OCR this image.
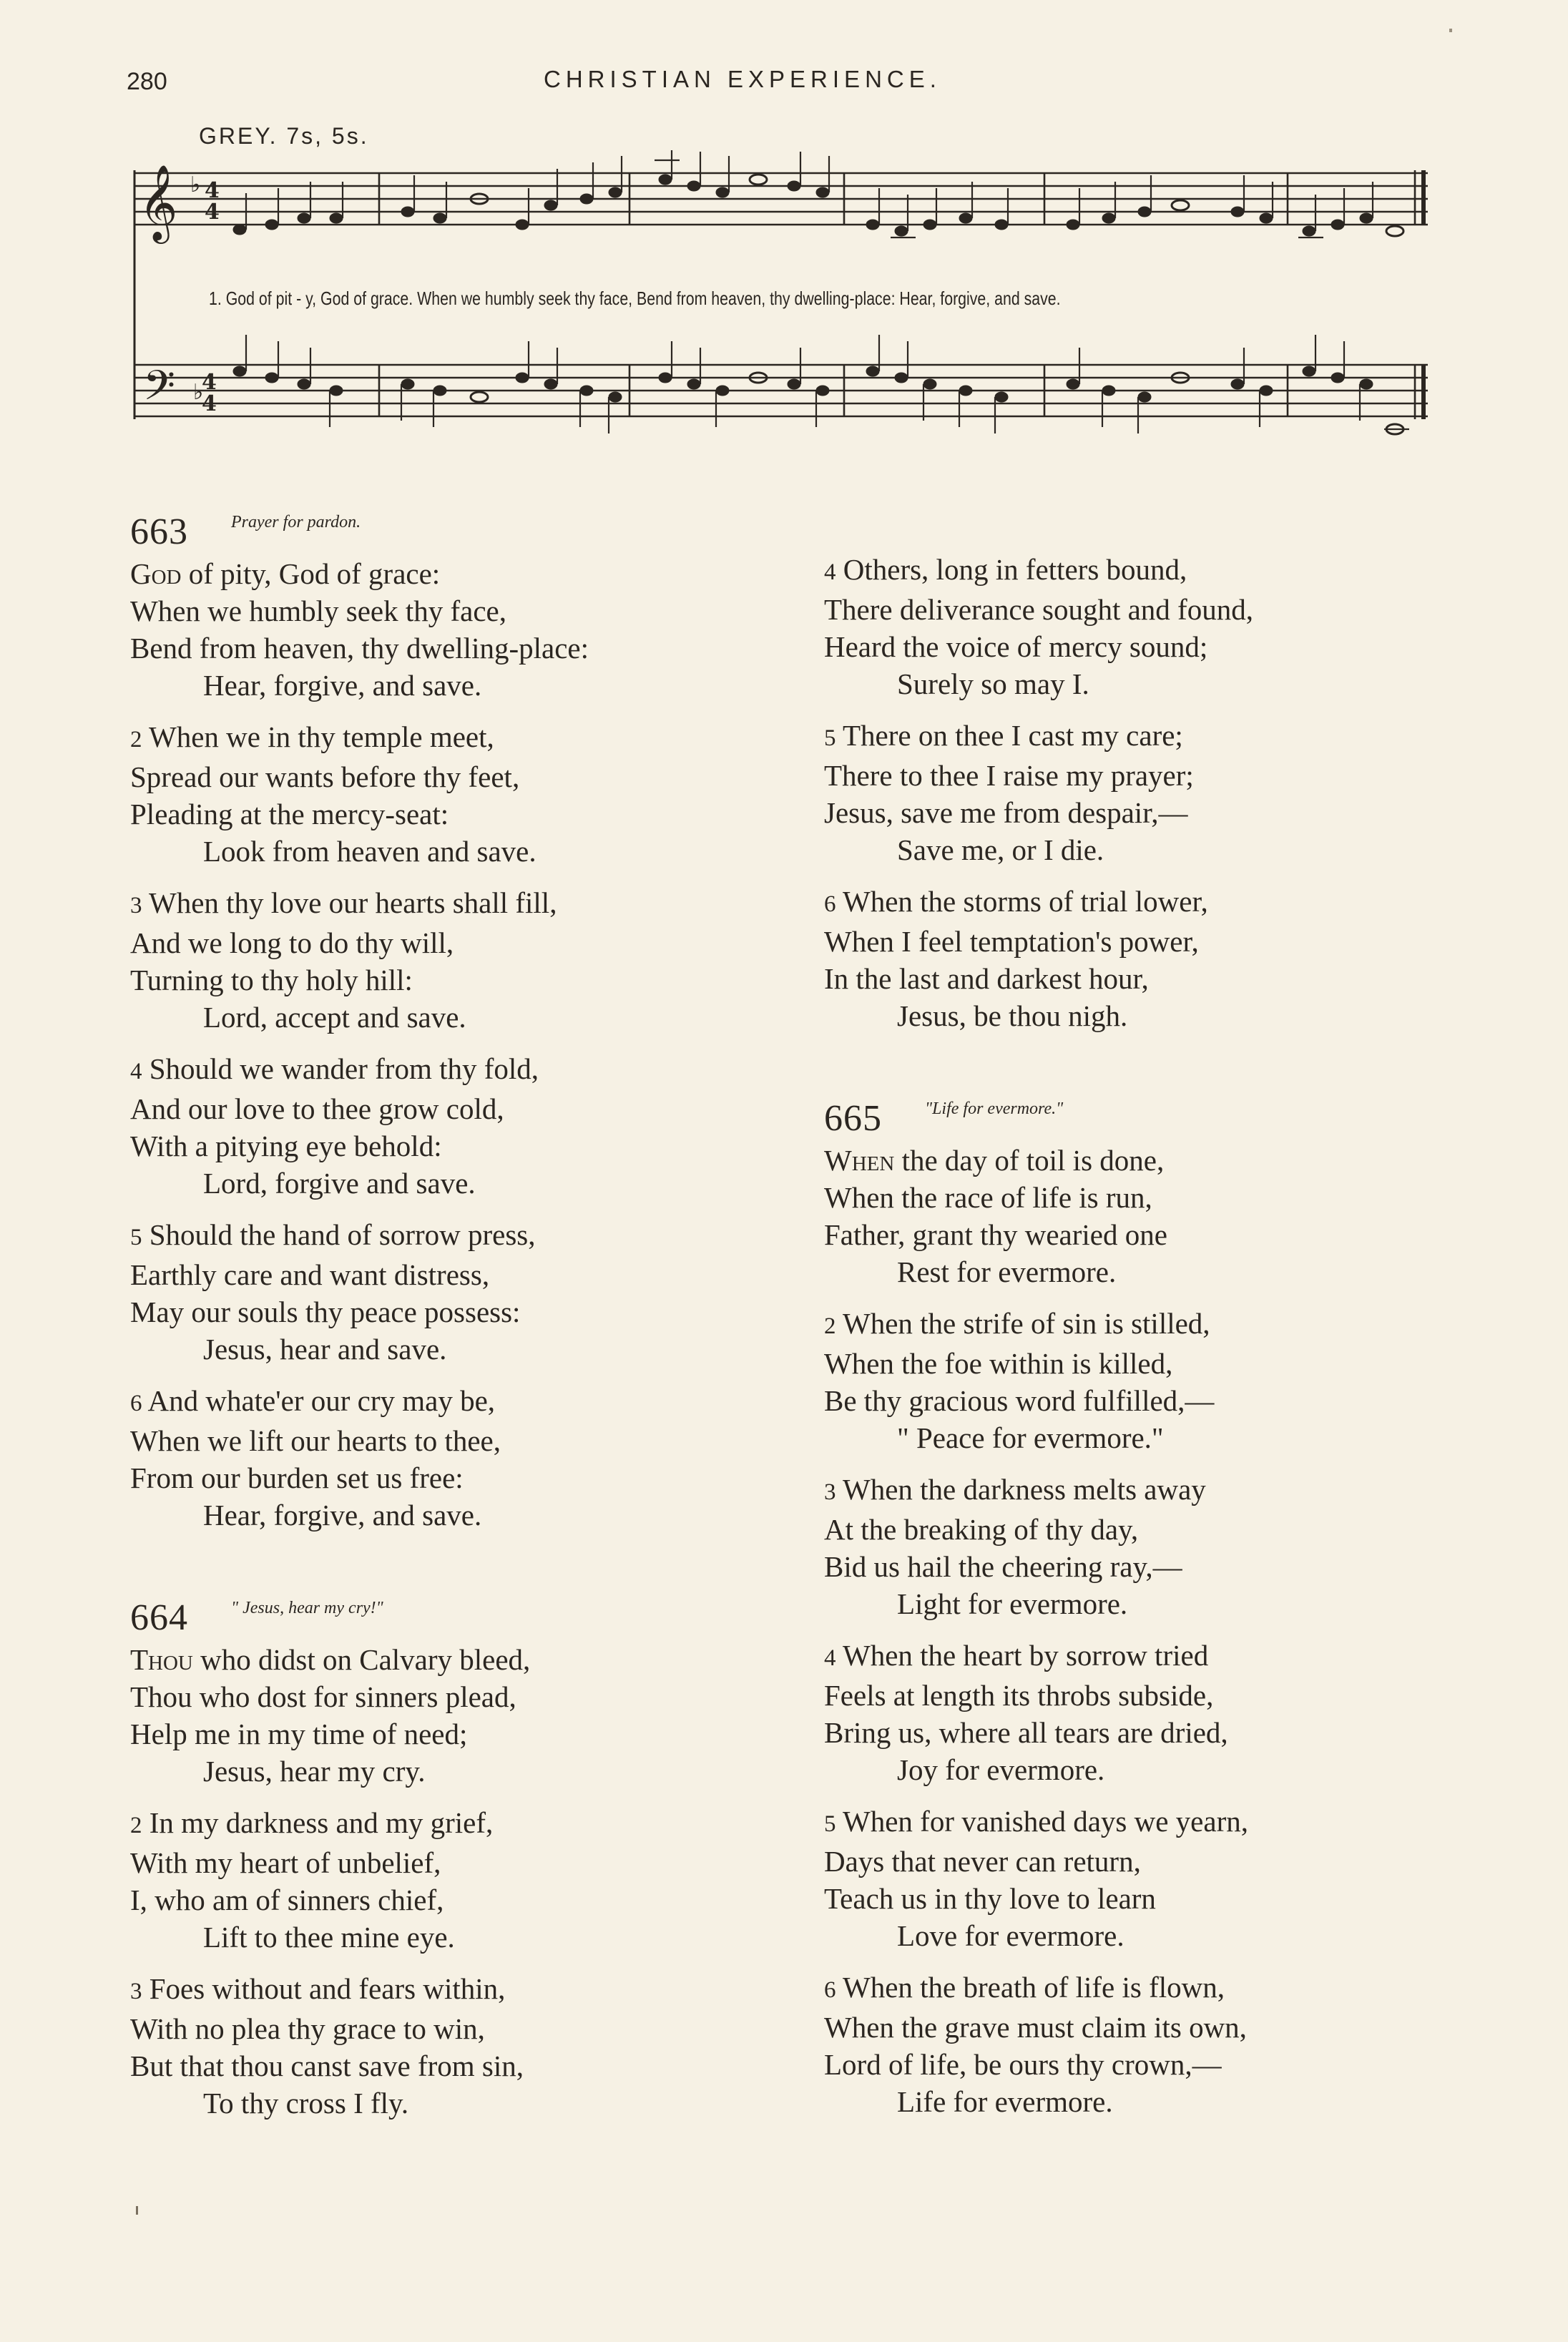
280	CHRISTIAN EXPERIENCE.
GREY. 7s, 5s.
𝄞
𝄢
4
4
4
4
♭
♭
1. God of pit - y, God of grace. When we humbly seek thy face, Bend from heaven, thy dwelling-place: Hear, forgive, and save.
663	Prayer for pardon.
God of pity, God of grace:
When we humbly seek thy face,
Bend from heaven, thy dwelling-place:
Hear, forgive, and save.
2 When we in thy temple meet,
Spread our wants before thy feet,
Pleading at the mercy-seat:
Look from heaven and save.
3 When thy love our hearts shall fill,
And we long to do thy will,
Turning to thy holy hill:
Lord, accept and save.
4 Should we wander from thy fold,
And our love to thee grow cold,
With a pitying eye behold:
Lord, forgive and save.
5 Should the hand of sorrow press,
Earthly care and want distress,
May our souls thy peace possess:
Jesus, hear and save.
6 And whate'er our cry may be,
When we lift our hearts to thee,
From our burden set us free:
Hear, forgive, and save.
664	" Jesus, hear my cry!"
Thou who didst on Calvary bleed,
Thou who dost for sinners plead,
Help me in my time of need;
Jesus, hear my cry.
2 In my darkness and my grief,
With my heart of unbelief,
I, who am of sinners chief,
Lift to thee mine eye.
3 Foes without and fears within,
With no plea thy grace to win,
But that thou canst save from sin,
To thy cross I fly.
4 Others, long in fetters bound,
There deliverance sought and found,
Heard the voice of mercy sound;
Surely so may I.
5 There on thee I cast my care;
There to thee I raise my prayer;
Jesus, save me from despair,—
Save me, or I die.
6 When the storms of trial lower,
When I feel temptation's power,
In the last and darkest hour,
Jesus, be thou nigh.
665	"Life for evermore."
When the day of toil is done,
When the race of life is run,
Father, grant thy wearied one
Rest for evermore.
2 When the strife of sin is stilled,
When the foe within is killed,
Be thy gracious word fulfilled,—
" Peace for evermore."
3 When the darkness melts away
At the breaking of thy day,
Bid us hail the cheering ray,—
Light for evermore.
4 When the heart by sorrow tried
Feels at length its throbs subside,
Bring us, where all tears are dried,
Joy for evermore.
5 When for vanished days we yearn,
Days that never can return,
Teach us in thy love to learn
Love for evermore.
6 When the breath of life is flown,
When the grave must claim its own,
Lord of life, be ours thy crown,—
Life for evermore.
